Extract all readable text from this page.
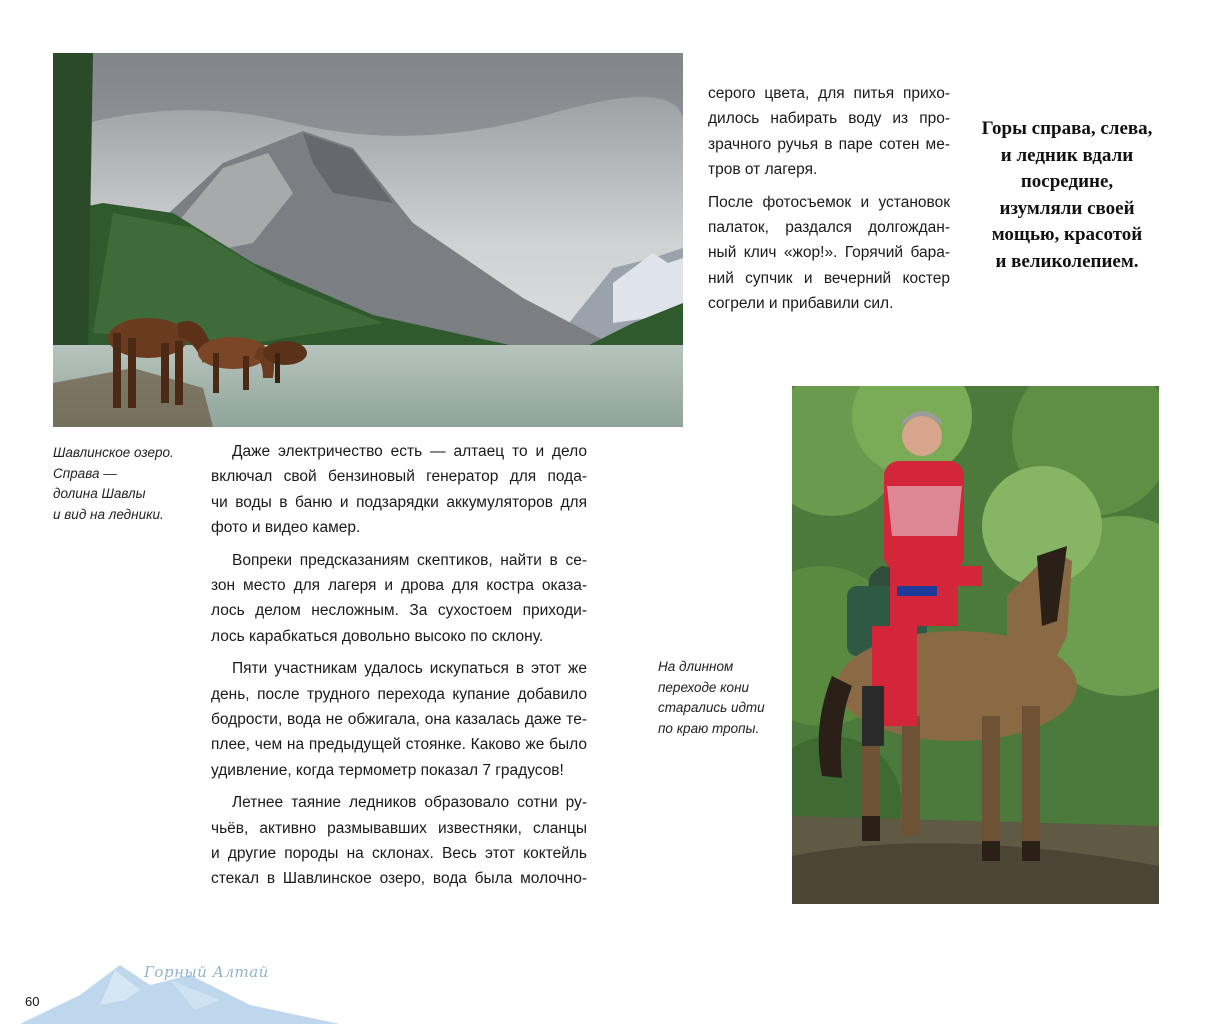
Шавлинское озеро.
Справа —
долина Шавлы
и вид на ледники.
Даже электричество есть — алтаец то и дело
включал свой бензиновый генератор для пода-
чи воды в баню и подзарядки аккумуляторов для
фото и видео камер.
Вопреки предсказаниям скептиков, найти в се-
зон место для лагеря и дрова для костра оказа-
лось делом несложным. За сухостоем приходи-
лось карабкаться довольно высоко по склону.
Пяти участникам удалось искупаться в этот же
день, после трудного перехода купание добавило
бодрости, вода не обжигала, она казалась даже те-
плее, чем на предыдущей стоянке. Каково же было
удивление, когда термометр показал 7 градусов!
Летнее таяние ледников образовало сотни ру-
чьёв, активно размывавших известняки, сланцы
и другие породы на склонах. Весь этот коктейль
стекал в Шавлинское озеро, вода была молочно-
серого цвета, для питья прихо-
дилось набирать воду из про-
зрачного ручья в паре сотен ме-
тров от лагеря.
После фотосъемок и установок
палаток, раздался долгождан-
ный клич «жор!». Горячий бара-
ний супчик и вечерний костер
согрели и прибавили сил.
Горы справа, слева,
и ледник вдали
посредине,
изумляли своей
мощью, красотой
и великолепием.
На длинном
переходе кони
старались идти
по краю тропы.
Горный Алтай
60
